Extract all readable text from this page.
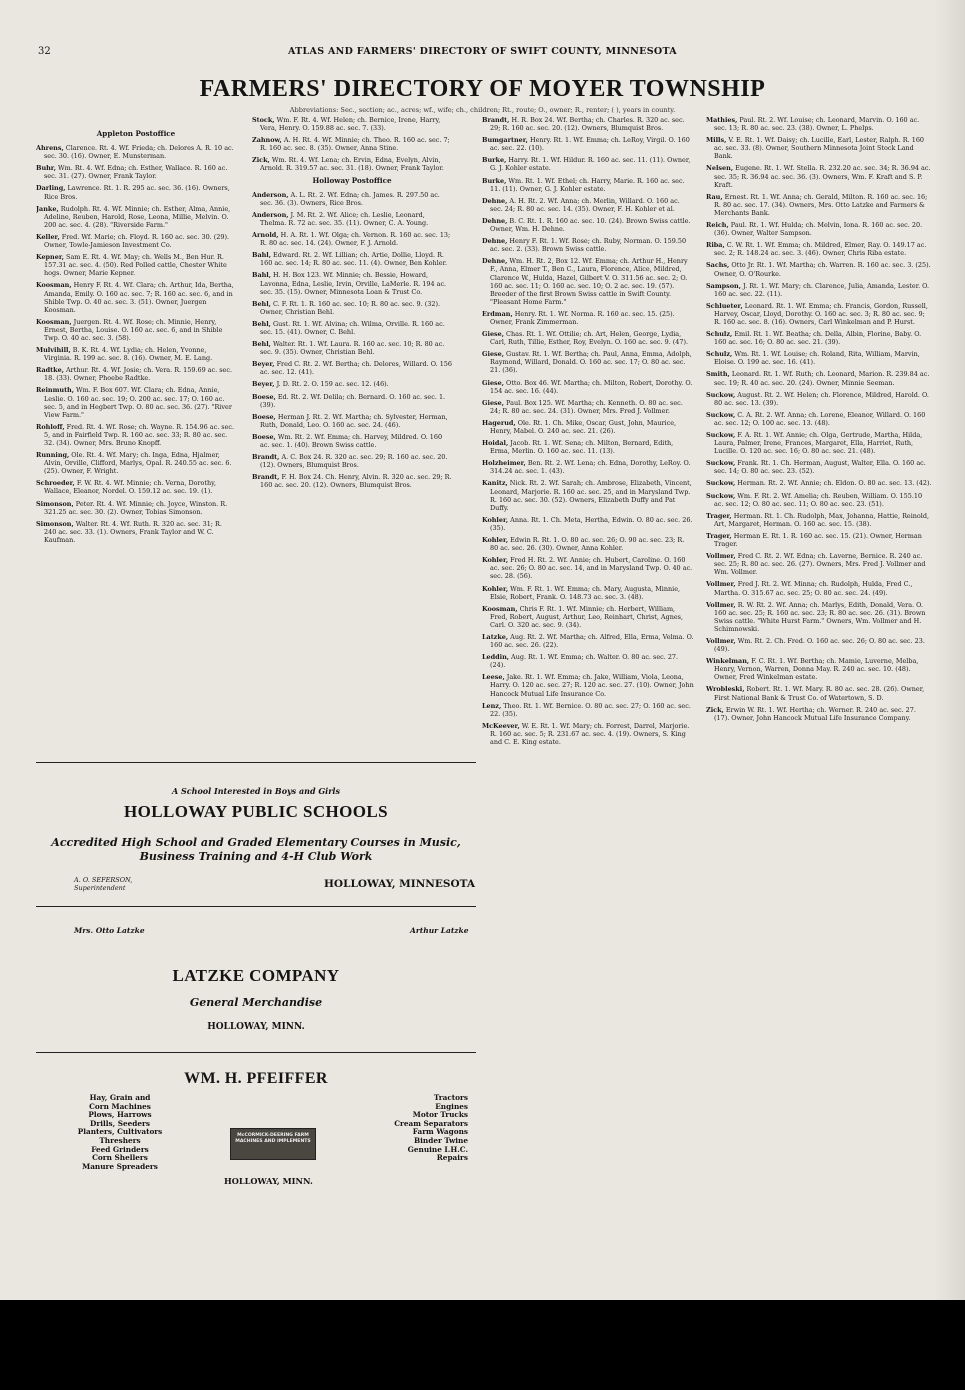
32	ATLAS AND FARMERS' DIRECTORY OF SWIFT COUNTY, MINNESOTA
FARMERS' DIRECTORY OF MOYER TOWNSHIP
Abbreviations: Sec., section; ac., acres; wf., wife; ch., children; Rt., route; O., owner; R., renter; ( ), years in county.
Appleton Postoffice
Ahrens, Clarence. Rt. 4. Wf. Frieda; ch. Delores A. R. 10 ac. sec. 30. (16). Owner, E. Munsterman.
Buhr, Wm. Rt. 4. Wf. Edna; ch. Esther, Wallace. R. 160 ac. sec. 31. (27). Owner, Frank Taylor.
Darling, Lawrence. Rt. 1. R. 295 ac. sec. 36. (16). Owners, Rice Bros.
Janke, Rudolph. Rt. 4. Wf. Minnie; ch. Esther, Alma, Annie, Adeline, Reuben, Harold, Rose, Leona, Millie, Melvin. O. 200 ac. sec. 4. (28). "Riverside Farm."
Keller, Fred. Wf. Marie; ch. Floyd. R. 160 ac. sec. 30. (29). Owner, Towle-Jamieson Investment Co.
Kepner, Sam E. Rt. 4. Wf. May; ch. Wells M., Ben Hur. R. 157.31 ac. sec. 4. (50). Red Polled cattle, Chester White hogs. Owner, Marie Kepner.
Koosman, Henry F. Rt. 4. Wf. Clara; ch. Arthur, Ida, Bertha, Amanda, Emily. O. 160 ac. sec. 7; R. 160 ac. sec. 6, and in Shible Twp. O. 40 ac. sec. 3. (51). Owner, Juergen Koosman.
Koosman, Juergen. Rt. 4. Wf. Rose; ch. Minnie, Henry, Ernest, Bertha, Louise. O. 160 ac. sec. 6, and in Shible Twp. O. 40 ac. sec. 3. (58).
Mulvihill, B. K. Rt. 4. Wf. Lydia; ch. Helen, Yvonne, Virginia. R. 199 ac. sec. 8. (16). Owner, M. E. Lang.
Radtke, Arthur. Rt. 4. Wf. Josie; ch. Vera. R. 159.69 ac. sec. 18. (33). Owner, Phoebe Radtke.
Reinmuth, Wm. F. Box 607. Wf. Clara; ch. Edna, Annie, Leslie. O. 160 ac. sec. 19; O. 200 ac. sec. 17; O. 160 ac. sec. 5, and in Hegbert Twp. O. 80 ac. sec. 36. (27). "River View Farm."
Rohloff, Fred. Rt. 4. Wf. Rose; ch. Wayne. R. 154.96 ac. sec. 5, and in Fairfield Twp. R. 160 ac. sec. 33; R. 80 ac. sec. 32. (34). Owner, Mrs. Bruno Knopff.
Running, Ole. Rt. 4. Wf. Mary; ch. Inga, Edna, Hjalmer, Alvin, Orville, Clifford, Marlys, Opal. R. 240.55 ac. sec. 6. (25). Owner, F. Wright.
Schroeder, F. W. Rt. 4. Wf. Minnie; ch. Verna, Dorothy, Wallace, Eleanor, Nordel. O. 159.12 ac. sec. 19. (1).
Simonson, Peter. Rt. 4. Wf. Minnie; ch. Joyce, Winston. R. 321.25 ac. sec. 30. (2). Owner, Tobias Simonson.
Simonson, Walter. Rt. 4. Wf. Ruth. R. 320 ac. sec. 31; R. 240 ac. sec. 33. (1). Owners, Frank Taylor and W. C. Kaufman.
Stock, Wm. F. Rt. 4. Wf. Helen; ch. Bernice, Irene, Harry, Vera, Henry. O. 159.88 ac. sec. 7. (33).
Zahnow, A. H. Rt. 4. Wf. Minnie; ch. Theo. R. 160 ac. sec. 7; R. 160 ac. sec. 8. (35). Owner, Anna Stine.
Zick, Wm. Rt. 4. Wf. Lena; ch. Ervin, Edna, Evelyn, Alvin, Arnold. R. 319.57 ac. sec. 31. (18). Owner, Frank Taylor.
Holloway Postoffice
Anderson, A. L. Rt. 2. Wf. Edna; ch. James. R. 297.50 ac. sec. 36. (3). Owners, Rice Bros.
Anderson, J. M. Rt. 2. Wf. Alice; ch. Leslie, Leonard, Thelma. R. 72 ac. sec. 35. (11). Owner, C. A. Young.
Arnold, H. A. Rt. 1. Wf. Olga; ch. Vernon. R. 160 ac. sec. 13; R. 80 ac. sec. 14. (24). Owner, F. J. Arnold.
Bahl, Edward. Rt. 2. Wf. Lillian; ch. Artie, Dollie, Lloyd. R. 160 ac. sec. 14; R. 80 ac. sec. 11. (4). Owner, Ben Kohler.
Bahl, H. H. Box 123. Wf. Minnie; ch. Bessie, Howard, Lavonna, Edna, Leslie, Irvin, Orville, LaMerle. R. 194 ac. sec. 35. (15). Owner, Minnesota Loan & Trust Co.
Behl, C. F. Rt. 1. R. 160 ac. sec. 10; R. 80 ac. sec. 9. (32). Owner, Christian Behl.
Behl, Gust. Rt. 1. Wf. Alvina; ch. Wilma, Orville. R. 160 ac. sec. 15. (41). Owner, C. Behl.
Behl, Walter. Rt. 1. Wf. Laura. R. 160 ac. sec. 10; R. 80 ac. sec. 9. (35). Owner, Christian Behl.
Beyer, Fred C. Rt. 2. Wf. Bertha; ch. Delores, Willard. O. 156 ac. sec. 12. (41).
Beyer, J. D. Rt. 2. O. 159 ac. sec. 12. (46).
Boese, Ed. Rt. 2. Wf. Delila; ch. Bernard. O. 160 ac. sec. 1. (39).
Boese, Herman J. Rt. 2. Wf. Martha; ch. Sylvester, Herman, Ruth, Donald, Leo. O. 160 ac. sec. 24. (46).
Boese, Wm. Rt. 2. Wf. Emma; ch. Harvey, Mildred. O. 160 ac. sec. 1. (40). Brown Swiss cattle.
Brandt, A. C. Box 24. R. 320 ac. sec. 29; R. 160 ac. sec. 20. (12). Owners, Blumquist Bros.
Brandt, F. H. Box 24. Ch. Henry, Alvin. R. 320 ac. sec. 29; R. 160 ac. sec. 20. (12). Owners, Blumquist Bros.
Brandt, H. R. Box 24. Wf. Bertha; ch. Charles. R. 320 ac. sec. 29; R. 160 ac. sec. 20. (12). Owners, Blumquist Bros.
Bumgartner, Henry. Rt. 1. Wf. Emma; ch. LeRoy, Virgil. O. 160 ac. sec. 22. (10).
Burke, Harry. Rt. 1. Wf. Hildur. R. 160 ac. sec. 11. (11). Owner, G. J. Kohler estate.
Burke, Wm. Rt. 1. Wf. Ethel; ch. Harry, Marie. R. 160 ac. sec. 11. (11). Owner, G. J. Kohler estate.
Dehne, A. H. Rt. 2. Wf. Anna; ch. Merlin, Willard. O. 160 ac. sec. 24; R. 80 ac. sec. 14. (35). Owner, F. H. Kohler et al.
Dehne, B. C. Rt. 1. R. 160 ac. sec. 10. (24). Brown Swiss cattle. Owner, Wm. H. Dehne.
Dehne, Henry F. Rt. 1. Wf. Rose; ch. Ruby, Norman. O. 159.50 ac. sec. 2. (33). Brown Swiss cattle.
Dehne, Wm. H. Rt. 2, Box 12. Wf. Emma; ch. Arthur H., Henry F., Anna, Elmer T., Ben C., Laura, Florence, Alice, Mildred, Clarence W., Hulda, Hazel, Gilbert V. O. 311.56 ac. sec. 2; O. 160 ac. sec. 11; O. 160 ac. sec. 10; O. 2 ac. sec. 19. (57). Breeder of the first Brown Swiss cattle in Swift County. "Pleasant Home Farm."
Erdman, Henry. Rt. 1. Wf. Norma. R. 160 ac. sec. 15. (25). Owner, Frank Zimmerman.
Giese, Chas. Rt. 1. Wf. Ottilie; ch. Art, Helen, George, Lydia, Carl, Ruth, Tillie, Esther, Roy, Evelyn. O. 160 ac. sec. 9. (47).
Giese, Gustav. Rt. 1. Wf. Bertha; ch. Paul, Anna, Emma, Adolph, Raymond, Willard, Donald. O. 160 ac. sec. 17; O. 80 ac. sec. 21. (36).
Giese, Otto. Box 46. Wf. Martha; ch. Milton, Robert, Dorothy. O. 154 ac. sec. 16. (44).
Giese, Paul. Box 125. Wf. Martha; ch. Kenneth. O. 80 ac. sec. 24; R. 80 ac. sec. 24. (31). Owner, Mrs. Fred J. Vollmer.
Hagerud, Ole. Rt. 1. Ch. Mike, Oscar, Gust, John, Maurice, Henry, Mabel. O. 240 ac. sec. 21. (26).
Hoidal, Jacob. Rt. 1. Wf. Sena; ch. Milton, Bernard, Edith, Erma, Merlin. O. 160 ac. sec. 11. (13).
Holzheimer, Ben. Rt. 2. Wf. Lena; ch. Edna, Dorothy, LeRoy. O. 314.24 ac. sec. 1. (43).
Kanitz, Nick. Rt. 2. Wf. Sarah; ch. Ambrose, Elizabeth, Vincent, Leonard, Marjorie. R. 160 ac. sec. 25, and in Marysland Twp. R. 160 ac. sec. 30. (52). Owners, Elizabeth Duffy and Pat Duffy.
Kohler, Anna. Rt. 1. Ch. Meta, Hertha, Edwin. O. 80 ac. sec. 26. (35).
Kohler, Edwin R. Rt. 1. O. 80 ac. sec. 26; O. 90 ac. sec. 23; R. 80 ac. sec. 26. (30). Owner, Anna Kohler.
Kohler, Fred H. Rt. 2. Wf. Annie; ch. Hubert, Caroline. O. 160 ac. sec. 26; O. 80 ac. sec. 14, and in Marysland Twp. O. 40 ac. sec. 28. (56).
Kohler, Wm. F. Rt. 1. Wf. Emma; ch. Mary, Augusta, Minnie, Elsie, Robert, Frank. O. 148.73 ac. sec. 3. (48).
Koosman, Chris F. Rt. 1. Wf. Minnie; ch. Herbert, William, Fred, Robert, August, Arthur, Leo, Reinhart, Christ, Agnes, Carl. O. 320 ac. sec. 9. (34).
Latzke, Aug. Rt. 2. Wf. Martha; ch. Alfred, Ella, Erma, Velma. O. 160 ac. sec. 26. (22).
Leddin, Aug. Rt. 1. Wf. Emma; ch. Walter. O. 80 ac. sec. 27. (24).
Leese, Jake. Rt. 1. Wf. Emma; ch. Jake, William, Viola, Leona, Harry. O. 120 ac. sec. 27; R. 120 ac. sec. 27. (10). Owner, John Hancock Mutual Life Insurance Co.
Lenz, Theo. Rt. 1. Wf. Bernice. O. 80 ac. sec. 27; O. 160 ac. sec. 22. (35).
McKeever, W. E. Rt. 1. Wf. Mary; ch. Forrest, Darrel, Marjorie. R. 160 ac. sec. 5; R. 231.67 ac. sec. 4. (19). Owners, S. King and C. E. King estate.
Mathies, Paul. Rt. 2. Wf. Louise; ch. Leonard, Marvin. O. 160 ac. sec. 13; R. 80 ac. sec. 23. (38). Owner, L. Phelps.
Mills, V. E. Rt. 1. Wf. Daisy; ch. Lucille, Earl, Lester, Ralph. R. 160 ac. sec. 33. (8). Owner, Southern Minnesota Joint Stock Land Bank.
Nelsen, Eugene. Rt. 1. Wf. Stella. R. 232.20 ac. sec. 34; R. 36.94 ac. sec. 35; R. 36.94 ac. sec. 36. (3). Owners, Wm. F. Kraft and S. P. Kraft.
Rau, Ernest. Rt. 1. Wf. Anna; ch. Gerald, Milton. R. 160 ac. sec. 16; R. 80 ac. sec. 17. (34). Owners, Mrs. Otto Latzke and Farmers & Merchants Bank.
Reich, Paul. Rt. 1. Wf. Hulda; ch. Melvin, Iona. R. 160 ac. sec. 20. (36). Owner, Walter Sampson.
Riba, C. W. Rt. 1. Wf. Emma; ch. Mildred, Elmer, Ray. O. 149.17 ac. sec. 2; R. 148.24 ac. sec. 3. (46). Owner, Chris Riba estate.
Sachs, Otto Jr. Rt. 1. Wf. Martha; ch. Warren. R. 160 ac. sec. 3. (25). Owner, O. O'Rourke.
Sampson, J. Rt. 1. Wf. Mary; ch. Clarence, Julia, Amanda, Lester. O. 160 ac. sec. 22. (11).
Schlueter, Leonard. Rt. 1. Wf. Emma; ch. Francis, Gordon, Russell, Harvey, Oscar, Lloyd, Dorothy. O. 160 ac. sec. 3; R. 80 ac. sec. 9; R. 160 ac. sec. 8. (16). Owners, Carl Winkelman and P. Hurst.
Schulz, Emil. Rt. 1. Wf. Beatha; ch. Della, Albin, Florine, Baby. O. 160 ac. sec. 16; O. 80 ac. sec. 21. (39).
Schulz, Wm. Rt. 1. Wf. Louise; ch. Roland, Rita, William, Marvin, Eloise. O. 199 ac. sec. 16. (41).
Smith, Leonard. Rt. 1. Wf. Ruth; ch. Leonard, Marion. R. 239.84 ac. sec. 19; R. 40 ac. sec. 20. (24). Owner, Minnie Seeman.
Suckow, August. Rt. 2. Wf. Helen; ch. Florence, Mildred, Harold. O. 80 ac. sec. 13. (39).
Suckow, C. A. Rt. 2. Wf. Anna; ch. Lorene, Eleanor, Willard. O. 160 ac. sec. 12; O. 100 ac. sec. 13. (48).
Suckow, F. A. Rt. 1. Wf. Annie; ch. Olga, Gertrude, Martha, Hilda, Laura, Palmer, Irene, Frances, Margaret, Ella, Harriet, Ruth, Lucille. O. 120 ac. sec. 16; O. 80 ac. sec. 21. (48).
Suckow, Frank. Rt. 1. Ch. Herman, August, Walter, Ella. O. 160 ac. sec. 14; O. 80 ac. sec. 23. (52).
Suckow, Herman. Rt. 2. Wf. Annie; ch. Eldon. O. 80 ac. sec. 13. (42).
Suckow, Wm. F. Rt. 2. Wf. Amelia; ch. Reuben, William. O. 155.10 ac. sec. 12; O. 80 ac. sec. 11; O. 80 ac. sec. 23. (51).
Trager, Herman. Rt. 1. Ch. Rudolph, Max, Johanna, Hattie, Reinold, Art, Margaret, Herman. O. 160 ac. sec. 15. (38).
Trager, Herman E. Rt. 1. R. 160 ac. sec. 15. (21). Owner, Herman Trager.
Vollmer, Fred C. Rt. 2. Wf. Edna; ch. Laverne, Bernice. R. 240 ac. sec. 25; R. 80 ac. sec. 26. (27). Owners, Mrs. Fred J. Vollmer and Wm. Vollmer.
Vollmer, Fred J. Rt. 2. Wf. Minna; ch. Rudolph, Hulda, Fred C., Martha. O. 315.67 ac. sec. 25; O. 80 ac. sec. 24. (49).
Vollmer, R. W. Rt. 2. Wf. Anna; ch. Marlys, Edith, Donald, Vera. O. 160 ac. sec. 25; R. 160 ac. sec. 23; R. 80 ac. sec. 26. (31). Brown Swiss cattle. "White Hurst Farm." Owners, Wm. Vollmer and H. Schimnowski.
Vollmer, Wm. Rt. 2. Ch. Fred. O. 160 ac. sec. 26; O. 80 ac. sec. 23. (49).
Winkelman, F. C. Rt. 1. Wf. Bertha; ch. Mamie, Luverne, Melba, Henry, Vernon, Warren, Donna May. R. 240 ac. sec. 10. (48). Owner, Fred Winkelman estate.
Wrobleski, Robert. Rt. 1. Wf. Mary. R. 80 ac. sec. 28. (26). Owner, First National Bank & Trust Co. of Watertown, S. D.
Zick, Erwin W. Rt. 1. Wf. Hertha; ch. Werner. R. 240 ac. sec. 27. (17). Owner, John Hancock Mutual Life Insurance Company.
A School Interested in Boys and Girls
HOLLOWAY PUBLIC SCHOOLS
Accredited High School and Graded Elementary Courses in Music, Business Training and 4-H Club Work
A. O. SEFERSON,
Superintendent	HOLLOWAY, MINNESOTA
Mrs. Otto Latzke	Arthur Latzke
LATZKE COMPANY
General Merchandise
HOLLOWAY, MINN.
WM. H. PFEIFFER
Hay, Grain and
Corn Machines
Plows, Harrows
Drills, Seeders
Planters, Cultivators
Threshers
Feed Grinders
Corn Shellers
Manure Spreaders
Tractors
Engines
Motor Trucks
Cream Separators
Farm Wagons
Binder Twine
Genuine I.H.C.
Repairs
McCORMICK-DEERING FARM MACHINES AND IMPLEMENTS
HOLLOWAY, MINN.
